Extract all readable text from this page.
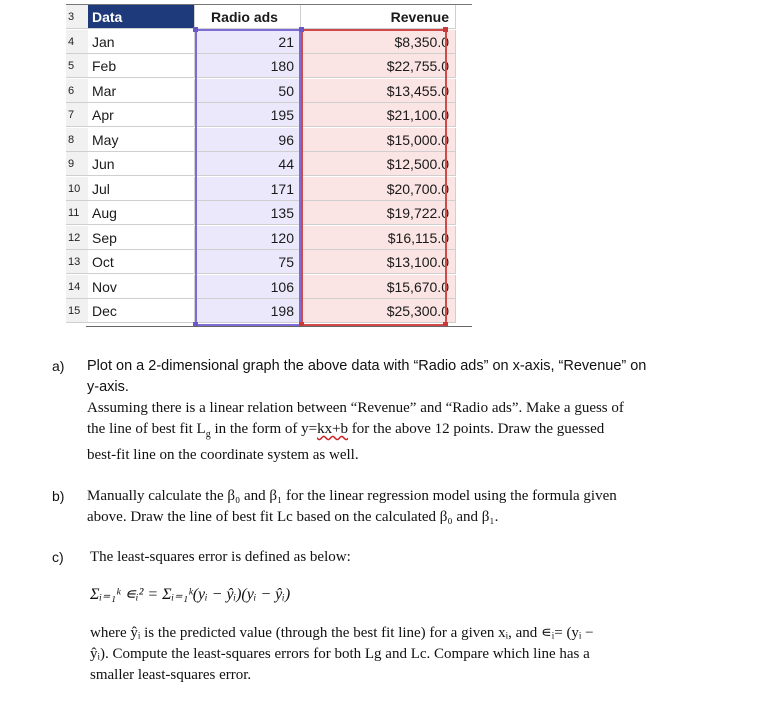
3
4
5
6
7
8
9
10
11
12
13
14
15
Data	Radio ads	Revenue
Jan	21	$8,350.0
Feb	180	$22,755.0
Mar	50	$13,455.0
Apr	195	$21,100.0
May	96	$15,000.0
Jun	44	$12,500.0
Jul	171	$20,700.0
Aug	135	$19,722.0
Sep	120	$16,115.0
Oct	75	$13,100.0
Nov	106	$15,670.0
Dec	198	$25,300.0
a) Plot on a 2-dimensional graph the above data with “Radio ads” on x-axis, “Revenue” on
y-axis.
Assuming there is a linear relation between “Revenue” and “Radio ads”. Make a guess of
the line of best fit $L_g$ in the form of y=kx+b for the above 12 points. Draw the guessed
best-fit line on the coordinate system as well.
b) Manually calculate the β₀ and β₁ for the linear regression model using the formula given
above. Draw the line of best fit Lc based on the calculated β₀ and β₁.
c) The least-squares error is defined as below:
Σᵢ₌₁ᵏ ∊ᵢ² = Σᵢ₌₁ᵏ(yᵢ − ŷᵢ)(yᵢ − ŷᵢ)
where ŷᵢ is the predicted value (through the best fit line) for a given xᵢ, and ∊ᵢ= (yᵢ −
ŷᵢ). Compute the least-squares errors for both Lg and Lc. Compare which line has a
smaller least-squares error.
